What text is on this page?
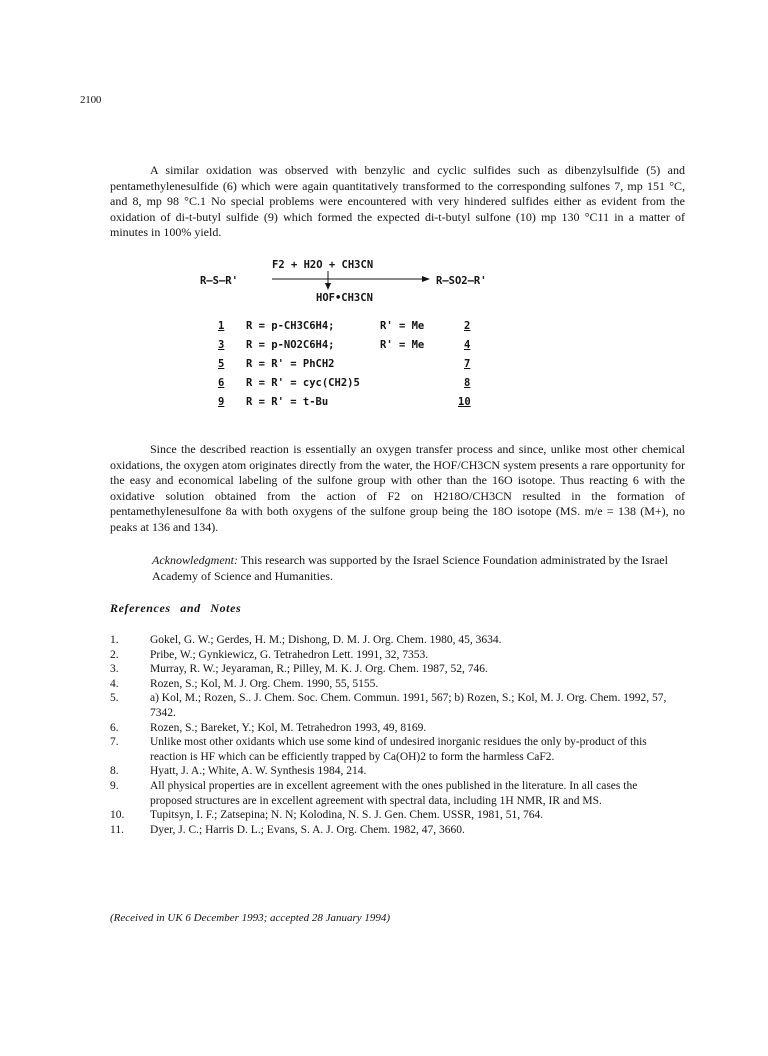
2100

A similar oxidation was observed with benzylic and cyclic sulfides such as dibenzylsulfide (5) and pentamethylenesulfide (6) which were again quantitatively transformed to the corresponding sulfones 7, mp 151 °C, and 8, mp 98 °C.1 No special problems were encountered with very hindered sulfides either as evident from the oxidation of di-t-butyl sulfide (9) which formed the expected di-t-butyl sulfone (10) mp 130 °C11 in a matter of minutes in 100% yield.

R—S—R'
F2 + H2O + CH3CN
HOF•CH3CN
R—SO2—R'
1 R = p-CH3C6H4;	R' = Me	2
3 R = p-NO2C6H4;	R' = Me	4
5 R = R' = PhCH2	7
6 R = R' = cyc(CH2)5	8
9 R = R' = t-Bu	10

Since the described reaction is essentially an oxygen transfer process and since, unlike most other chemical oxidations, the oxygen atom originates directly from the water, the HOF/CH3CN system presents a rare opportunity for the easy and economical labeling of the sulfone group with other than the 16O isotope. Thus reacting 6 with the oxidative solution obtained from the action of F2 on H218O/CH3CN resulted in the formation of pentamethylenesulfone 8a with both oxygens of the sulfone group being the 18O isotope (MS. m/e = 138 (M+), no peaks at 136 and 134).

Acknowledgment: This research was supported by the Israel Science Foundation administrated by the Israel Academy of Science and Humanities.
References and Notes
1.	Gokel, G. W.; Gerdes, H. M.; Dishong, D. M. J. Org. Chem. 1980, 45, 3634.
2.	Pribe, W.; Gynkiewicz, G. Tetrahedron Lett. 1991, 32, 7353.
3.	Murray, R. W.; Jeyaraman, R.; Pilley, M. K. J. Org. Chem. 1987, 52, 746.
4.	Rozen, S.; Kol, M. J. Org. Chem. 1990, 55, 5155.
5.	a) Kol, M.; Rozen, S.. J. Chem. Soc. Chem. Commun. 1991, 567; b) Rozen, S.; Kol, M. J. Org. Chem. 1992, 57, 7342.
6.	Rozen, S.; Bareket, Y.; Kol, M. Tetrahedron 1993, 49, 8169.
7.	Unlike most other oxidants which use some kind of undesired inorganic residues the only by-product of this reaction is HF which can be efficiently trapped by Ca(OH)2 to form the harmless CaF2.
8.	Hyatt, J. A.; White, A. W. Synthesis 1984, 214.
9.	All physical properties are in excellent agreement with the ones published in the literature. In all cases the proposed structures are in excellent agreement with spectral data, including 1H NMR, IR and MS.
10.	Tupitsyn, I. F.; Zatsepina; N. N; Kolodina, N. S. J. Gen. Chem. USSR, 1981, 51, 764.
11.	Dyer, J. C.; Harris D. L.; Evans, S. A. J. Org. Chem. 1982, 47, 3660.
(Received in UK 6 December 1993; accepted 28 January 1994)
